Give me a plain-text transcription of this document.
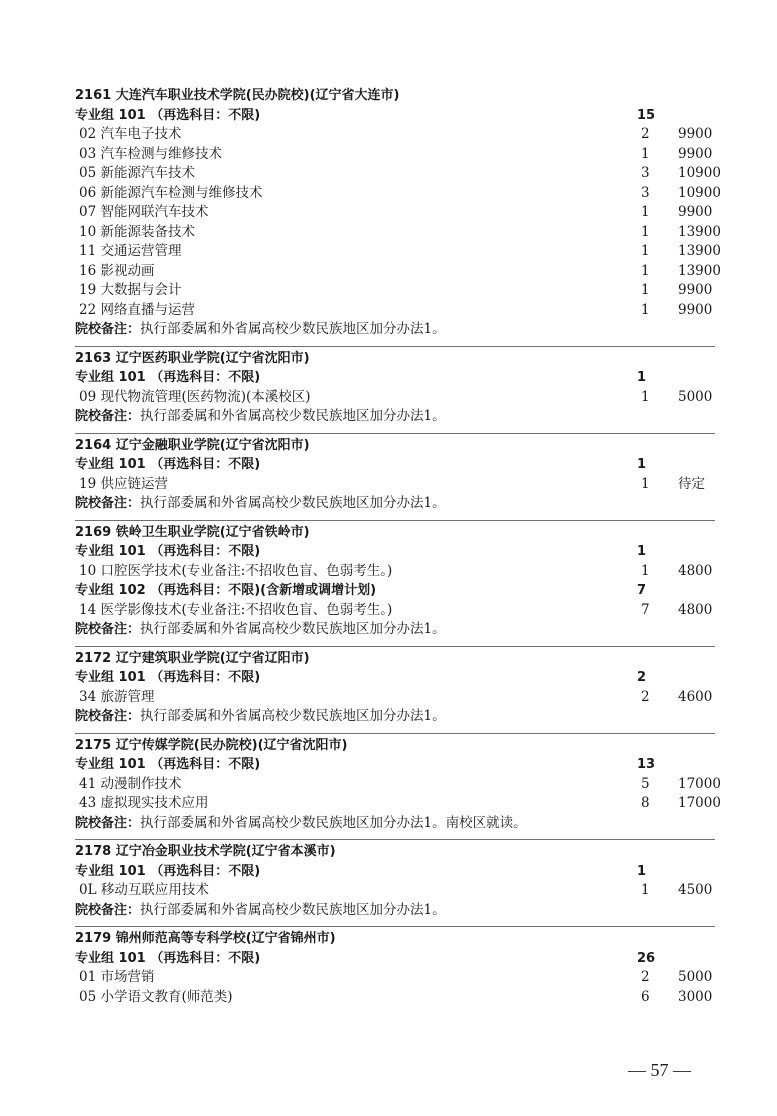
2161 大连汽车职业技术学院(民办院校)(辽宁省大连市)
专业组 101 （再选科目：不限)	15
02 汽车电子技术	2	9900
03 汽车检测与维修技术	1	9900
05 新能源汽车技术	3	10900
06 新能源汽车检测与维修技术	3	10900
07 智能网联汽车技术	1	9900
10 新能源装备技术	1	13900
11 交通运营管理	1	13900
16 影视动画	1	13900
19 大数据与会计	1	9900
22 网络直播与运营	1	9900
院校备注：执行部委属和外省属高校少数民族地区加分办法1。
2163 辽宁医药职业学院(辽宁省沈阳市)
专业组 101 （再选科目：不限)	1
09 现代物流管理(医药物流)(本溪校区)	1	5000
院校备注：执行部委属和外省属高校少数民族地区加分办法1。
2164 辽宁金融职业学院(辽宁省沈阳市)
专业组 101 （再选科目：不限)	1
19 供应链运营	1	待定
院校备注：执行部委属和外省属高校少数民族地区加分办法1。
2169 铁岭卫生职业学院(辽宁省铁岭市)
专业组 101 （再选科目：不限)	1
10 口腔医学技术(专业备注:不招收色盲、色弱考生。)	1	4800
专业组 102 （再选科目：不限)(含新增或调增计划)	7
14 医学影像技术(专业备注:不招收色盲、色弱考生。)	7	4800
院校备注：执行部委属和外省属高校少数民族地区加分办法1。
2172 辽宁建筑职业学院(辽宁省辽阳市)
专业组 101 （再选科目：不限)	2
34 旅游管理	2	4600
院校备注：执行部委属和外省属高校少数民族地区加分办法1。
2175 辽宁传媒学院(民办院校)(辽宁省沈阳市)
专业组 101 （再选科目：不限)	13
41 动漫制作技术	5	17000
43 虚拟现实技术应用	8	17000
院校备注：执行部委属和外省属高校少数民族地区加分办法1。南校区就读。
2178 辽宁冶金职业技术学院(辽宁省本溪市)
专业组 101 （再选科目：不限)	1
0L 移动互联应用技术	1	4500
院校备注：执行部委属和外省属高校少数民族地区加分办法1。
2179 锦州师范高等专科学校(辽宁省锦州市)
专业组 101 （再选科目：不限)	26
01 市场营销	2	5000
05 小学语文教育(师范类)	6	3000
— 57 —
